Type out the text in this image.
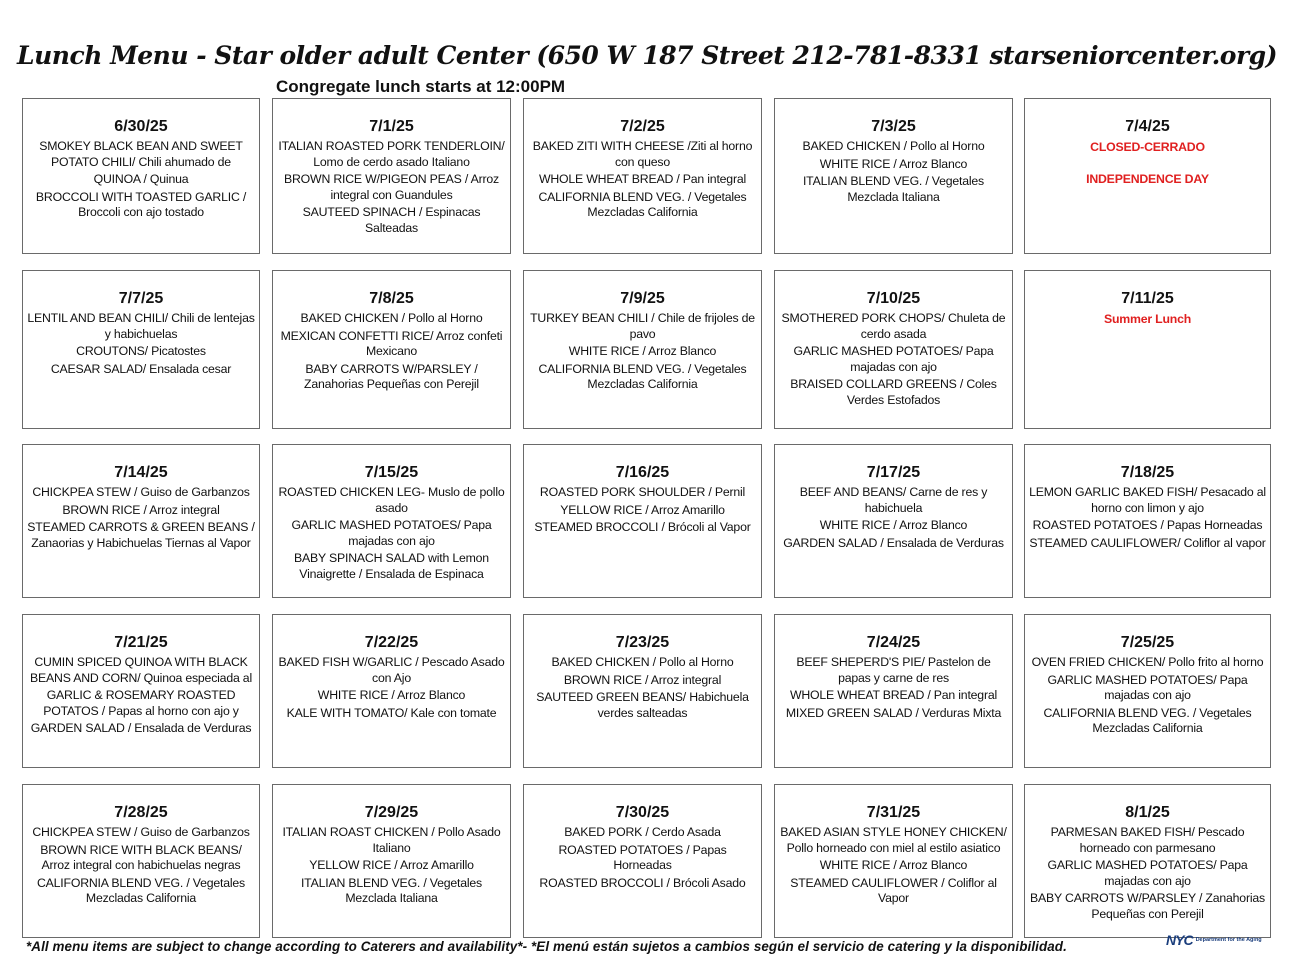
Lunch Menu - Star older adult Center (650 W 187 Street 212-781-8331 starseniorcenter.org)
Congregate lunch starts at 12:00PM
6/30/25
SMOKEY BLACK BEAN AND SWEET POTATO CHILI/ Chili ahumado de
QUINOA / Quinua
BROCCOLI WITH TOASTED GARLIC / Broccoli con ajo tostado
7/1/25
ITALIAN ROASTED PORK TENDERLOIN/ Lomo de cerdo asado Italiano
BROWN RICE W/PIGEON PEAS / Arroz integral con Guandules
SAUTEED SPINACH / Espinacas Salteadas
7/2/25
BAKED ZITI WITH CHEESE /Ziti al horno con queso
WHOLE WHEAT BREAD / Pan integral
CALIFORNIA BLEND VEG. / Vegetales Mezcladas California
7/3/25
BAKED CHICKEN / Pollo al Horno
WHITE RICE / Arroz Blanco
ITALIAN BLEND VEG. / Vegetales Mezclada Italiana
7/4/25
CLOSED-CERRADO
INDEPENDENCE DAY
7/7/25
LENTIL AND BEAN CHILI/ Chili de lentejas y habichuelas
CROUTONS/ Picatostes
CAESAR SALAD/ Ensalada cesar
7/8/25
BAKED CHICKEN / Pollo al Horno
MEXICAN CONFETTI RICE/ Arroz confeti Mexicano
BABY CARROTS W/PARSLEY / Zanahorias Pequeñas con Perejil
7/9/25
TURKEY BEAN CHILI / Chile de frijoles de pavo
WHITE RICE / Arroz Blanco
CALIFORNIA BLEND VEG. / Vegetales Mezcladas California
7/10/25
SMOTHERED PORK CHOPS/ Chuleta de cerdo asada
GARLIC MASHED POTATOES/ Papa majadas con ajo
BRAISED COLLARD GREENS / Coles Verdes Estofados
7/11/25
Summer Lunch
7/14/25
CHICKPEA STEW / Guiso de Garbanzos
BROWN RICE / Arroz integral
STEAMED CARROTS & GREEN BEANS / Zanaorias y Habichuelas Tiernas al Vapor
7/15/25
ROASTED CHICKEN LEG- Muslo de pollo asado
GARLIC MASHED POTATOES/ Papa majadas con ajo
BABY SPINACH SALAD with Lemon Vinaigrette / Ensalada de Espinaca
7/16/25
ROASTED PORK SHOULDER / Pernil
YELLOW RICE / Arroz Amarillo
STEAMED BROCCOLI / Brócoli al Vapor
7/17/25
BEEF AND BEANS/ Carne de res y habichuela
WHITE RICE / Arroz Blanco
GARDEN SALAD / Ensalada de Verduras
7/18/25
LEMON GARLIC BAKED FISH/ Pesacado al horno con limon y ajo
ROASTED POTATOES / Papas Horneadas
STEAMED CAULIFLOWER/ Coliflor al vapor
7/21/25
CUMIN SPICED QUINOA WITH BLACK BEANS AND CORN/ Quinoa especiada al
GARLIC & ROSEMARY ROASTED POTATOS / Papas al horno con ajo y
GARDEN SALAD / Ensalada de Verduras
7/22/25
BAKED FISH W/GARLIC / Pescado Asado con Ajo
WHITE RICE / Arroz Blanco
KALE WITH TOMATO/ Kale con tomate
7/23/25
BAKED CHICKEN / Pollo al Horno
BROWN RICE / Arroz integral
SAUTEED GREEN BEANS/ Habichuela verdes salteadas
7/24/25
BEEF SHEPERD'S PIE/ Pastelon de papas y carne de res
WHOLE WHEAT BREAD / Pan integral
MIXED GREEN SALAD / Verduras Mixta
7/25/25
OVEN FRIED CHICKEN/ Pollo frito al horno
GARLIC MASHED POTATOES/ Papa majadas con ajo
CALIFORNIA BLEND VEG. / Vegetales Mezcladas California
7/28/25
CHICKPEA STEW / Guiso de Garbanzos
BROWN RICE WITH BLACK BEANS/ Arroz integral con habichuelas negras
CALIFORNIA BLEND VEG. / Vegetales Mezcladas California
7/29/25
ITALIAN ROAST CHICKEN / Pollo Asado Italiano
YELLOW RICE / Arroz Amarillo
ITALIAN BLEND VEG. / Vegetales Mezclada Italiana
7/30/25
BAKED PORK / Cerdo Asada
ROASTED POTATOES / Papas Horneadas
ROASTED BROCCOLI / Brócoli Asado
7/31/25
BAKED ASIAN STYLE HONEY CHICKEN/ Pollo horneado con miel al estilo asiatico
WHITE RICE / Arroz Blanco
STEAMED CAULIFLOWER / Coliflor al Vapor
8/1/25
PARMESAN BAKED FISH/ Pescado horneado con parmesano
GARLIC MASHED POTATOES/ Papa majadas con ajo
BABY CARROTS W/PARSLEY / Zanahorias Pequeñas con Perejil
*All menu items are subject to change according to Caterers and availability*- *El menú están sujetos a cambios según el servicio de catering y la disponibilidad.	NYC Department for the Aging
